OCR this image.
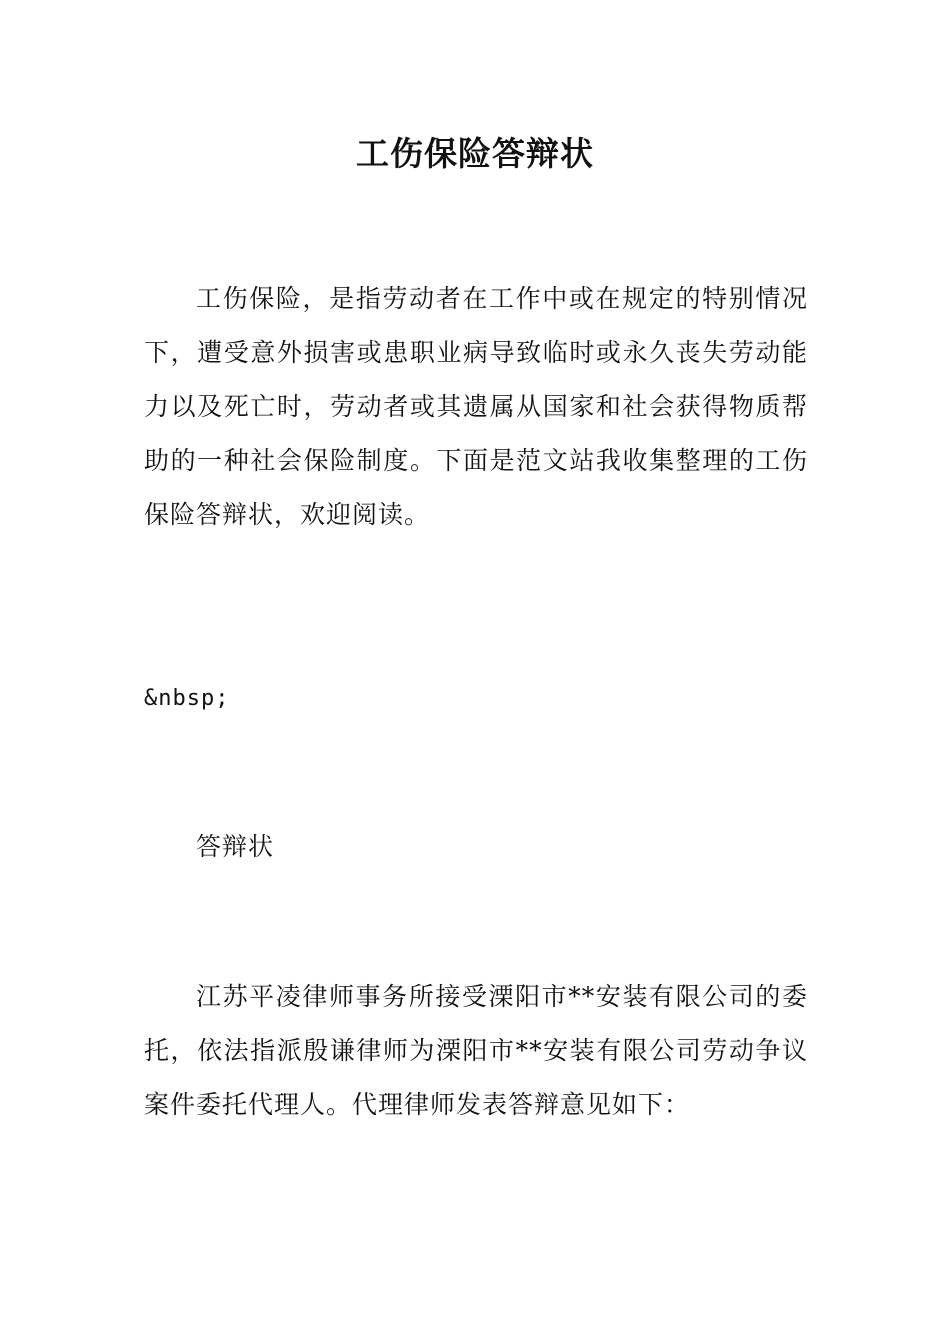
工伤保险答辩状

工伤保险，是指劳动者在工作中或在规定的特别情况下，遭受意外损害或患职业病导致临时或永久丧失劳动能力以及死亡时，劳动者或其遗属从国家和社会获得物质帮助的一种社会保险制度。下面是范文站我收集整理的工伤保险答辩状，欢迎阅读。

&nbsp;

答辩状

江苏平凌律师事务所接受溧阳市**安装有限公司的委托，依法指派殷谦律师为溧阳市**安装有限公司劳动争议案件委托代理人。代理律师发表答辩意见如下：
